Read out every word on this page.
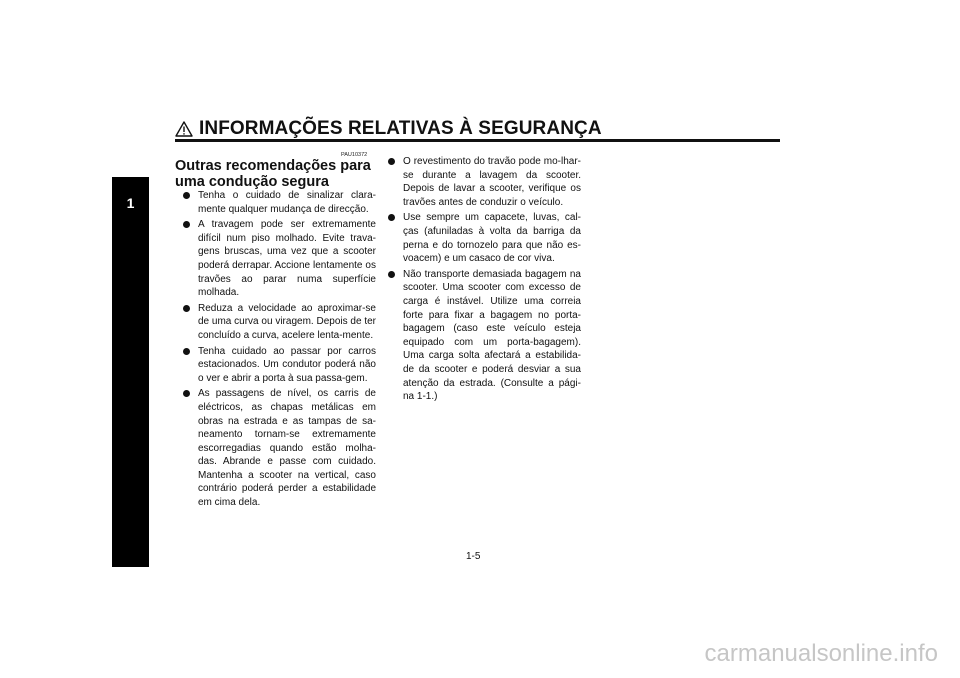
INFORMAÇÕES RELATIVAS À SEGURANÇA
1
PAU10372
Outras recomendações para
uma condução segura
Tenha o cuidado de sinalizar clara-mente qualquer mudança de direcção.
A travagem pode ser extremamente difícil num piso molhado. Evite trava-gens bruscas, uma vez que a scooter poderá derrapar. Accione lentamente os travões ao parar numa superfície molhada.
Reduza a velocidade ao aproximar-se de uma curva ou viragem. Depois de ter concluído a curva, acelere lenta-mente.
Tenha cuidado ao passar por carros estacionados. Um condutor poderá não o ver e abrir a porta à sua passa-gem.
As passagens de nível, os carris de eléctricos, as chapas metálicas em obras na estrada e as tampas de sa-neamento tornam-se extremamente escorregadias quando estão molha-das. Abrande e passe com cuidado. Mantenha a scooter na vertical, caso contrário poderá perder a estabilidade em cima dela.
O revestimento do travão pode mo-lhar-se durante a lavagem da scooter. Depois de lavar a scooter, verifique os travões antes de conduzir o veículo.
Use sempre um capacete, luvas, cal-ças (afuniladas à volta da barriga da perna e do tornozelo para que não es-voacem) e um casaco de cor viva.
Não transporte demasiada bagagem na scooter. Uma scooter com excesso de carga é instável. Utilize uma correia forte para fixar a bagagem no porta-bagagem (caso este veículo esteja equipado com um porta-bagagem). Uma carga solta afectará a estabilida-de da scooter e poderá desviar a sua atenção da estrada. (Consulte a pági-na 1-1.)
1-5
carmanualsonline.info
